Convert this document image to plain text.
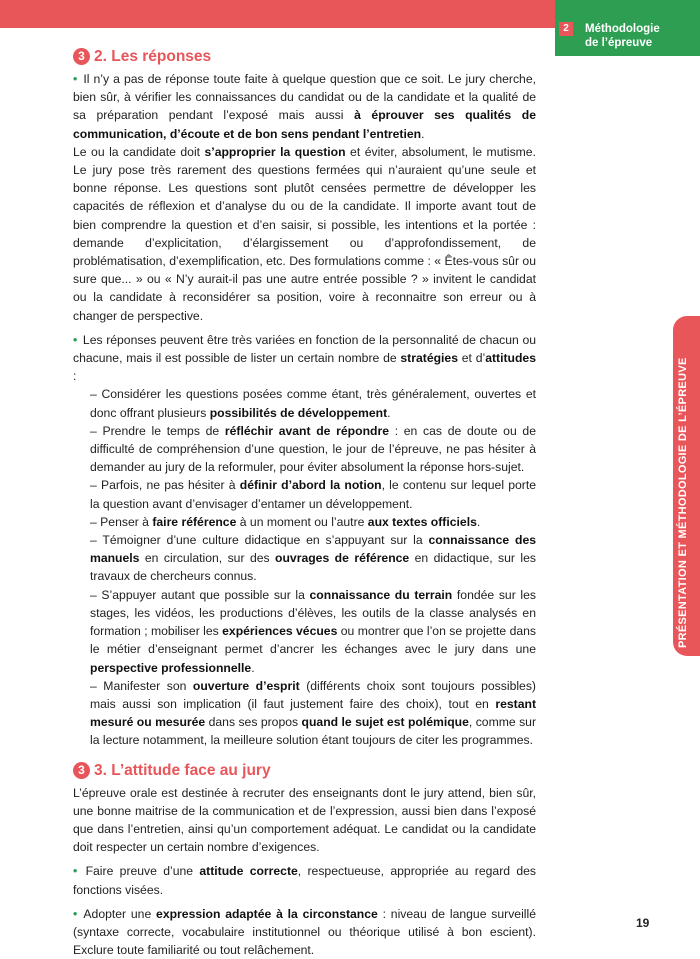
2	Méthodologie
de l’épreuve
PRÉSENTATION ET MÉTHODOLOGIE DE L’ÉPREUVE
3 2. Les réponses

• Il n’y a pas de réponse toute faite à quelque question que ce soit. Le jury cherche, bien sûr, à vérifier les connaissances du candidat ou de la candidate et la qualité de sa préparation pendant l’exposé mais aussi à éprouver ses qualités de communication, d’écoute et de bon sens pendant l’entretien.

Le ou la candidate doit s’approprier la question et éviter, absolument, le mutisme. Le jury pose très rarement des questions fermées qui n’auraient qu’une seule et bonne réponse. Les questions sont plutôt censées permettre de développer les capacités de réflexion et d’analyse du ou de la candidate. Il importe avant tout de bien comprendre la question et d’en saisir, si possible, les intentions et la portée : demande d’explicitation, d’élargissement ou d’approfondissement, de problématisation, d’exemplification, etc. Des formulations comme : « Êtes-vous sûr ou sure que... » ou « N’y aurait-il pas une autre entrée possible ? » invitent le candidat ou la candidate à reconsidérer sa position, voire à reconnaitre son erreur ou à changer de perspective.

• Les réponses peuvent être très variées en fonction de la personnalité de chacun ou chacune, mais il est possible de lister un certain nombre de stratégies et d’attitudes :

– Considérer les questions posées comme étant, très généralement, ouvertes et donc offrant plusieurs possibilités de développement.

– Prendre le temps de réfléchir avant de répondre : en cas de doute ou de difficulté de compréhension d’une question, le jour de l’épreuve, ne pas hésiter à demander au jury de la reformuler, pour éviter absolument la réponse hors-sujet.

– Parfois, ne pas hésiter à définir d’abord la notion, le contenu sur lequel porte la question avant d’envisager d’entamer un développement.

– Penser à faire référence à un moment ou l’autre aux textes officiels.

– Témoigner d’une culture didactique en s’appuyant sur la connaissance des manuels en circulation, sur des ouvrages de référence en didactique, sur les travaux de chercheurs connus.

– S’appuyer autant que possible sur la connaissance du terrain fondée sur les stages, les vidéos, les productions d’élèves, les outils de la classe analysés en formation ; mobiliser les expériences vécues ou montrer que l’on se projette dans le métier d’enseignant permet d’ancrer les échanges avec le jury dans une perspective professionnelle.

– Manifester son ouverture d’esprit (différents choix sont toujours possibles) mais aussi son implication (il faut justement faire des choix), tout en restant mesuré ou mesurée dans ses propos quand le sujet est polémique, comme sur la lecture notamment, la meilleure solution étant toujours de citer les programmes.

3 3. L’attitude face au jury

L’épreuve orale est destinée à recruter des enseignants dont le jury attend, bien sûr, une bonne maitrise de la communication et de l’expression, aussi bien dans l’exposé que dans l’entretien, ainsi qu’un comportement adéquat. Le candidat ou la candidate doit respecter un certain nombre d’exigences.

• Faire preuve d’une attitude correcte, respectueuse, appropriée au regard des fonctions visées.

• Adopter une expression adaptée à la circonstance : niveau de langue surveillé (syntaxe correcte, vocabulaire institutionnel ou théorique utilisé à bon escient). Exclure toute familiarité ou tout relâchement.

19
